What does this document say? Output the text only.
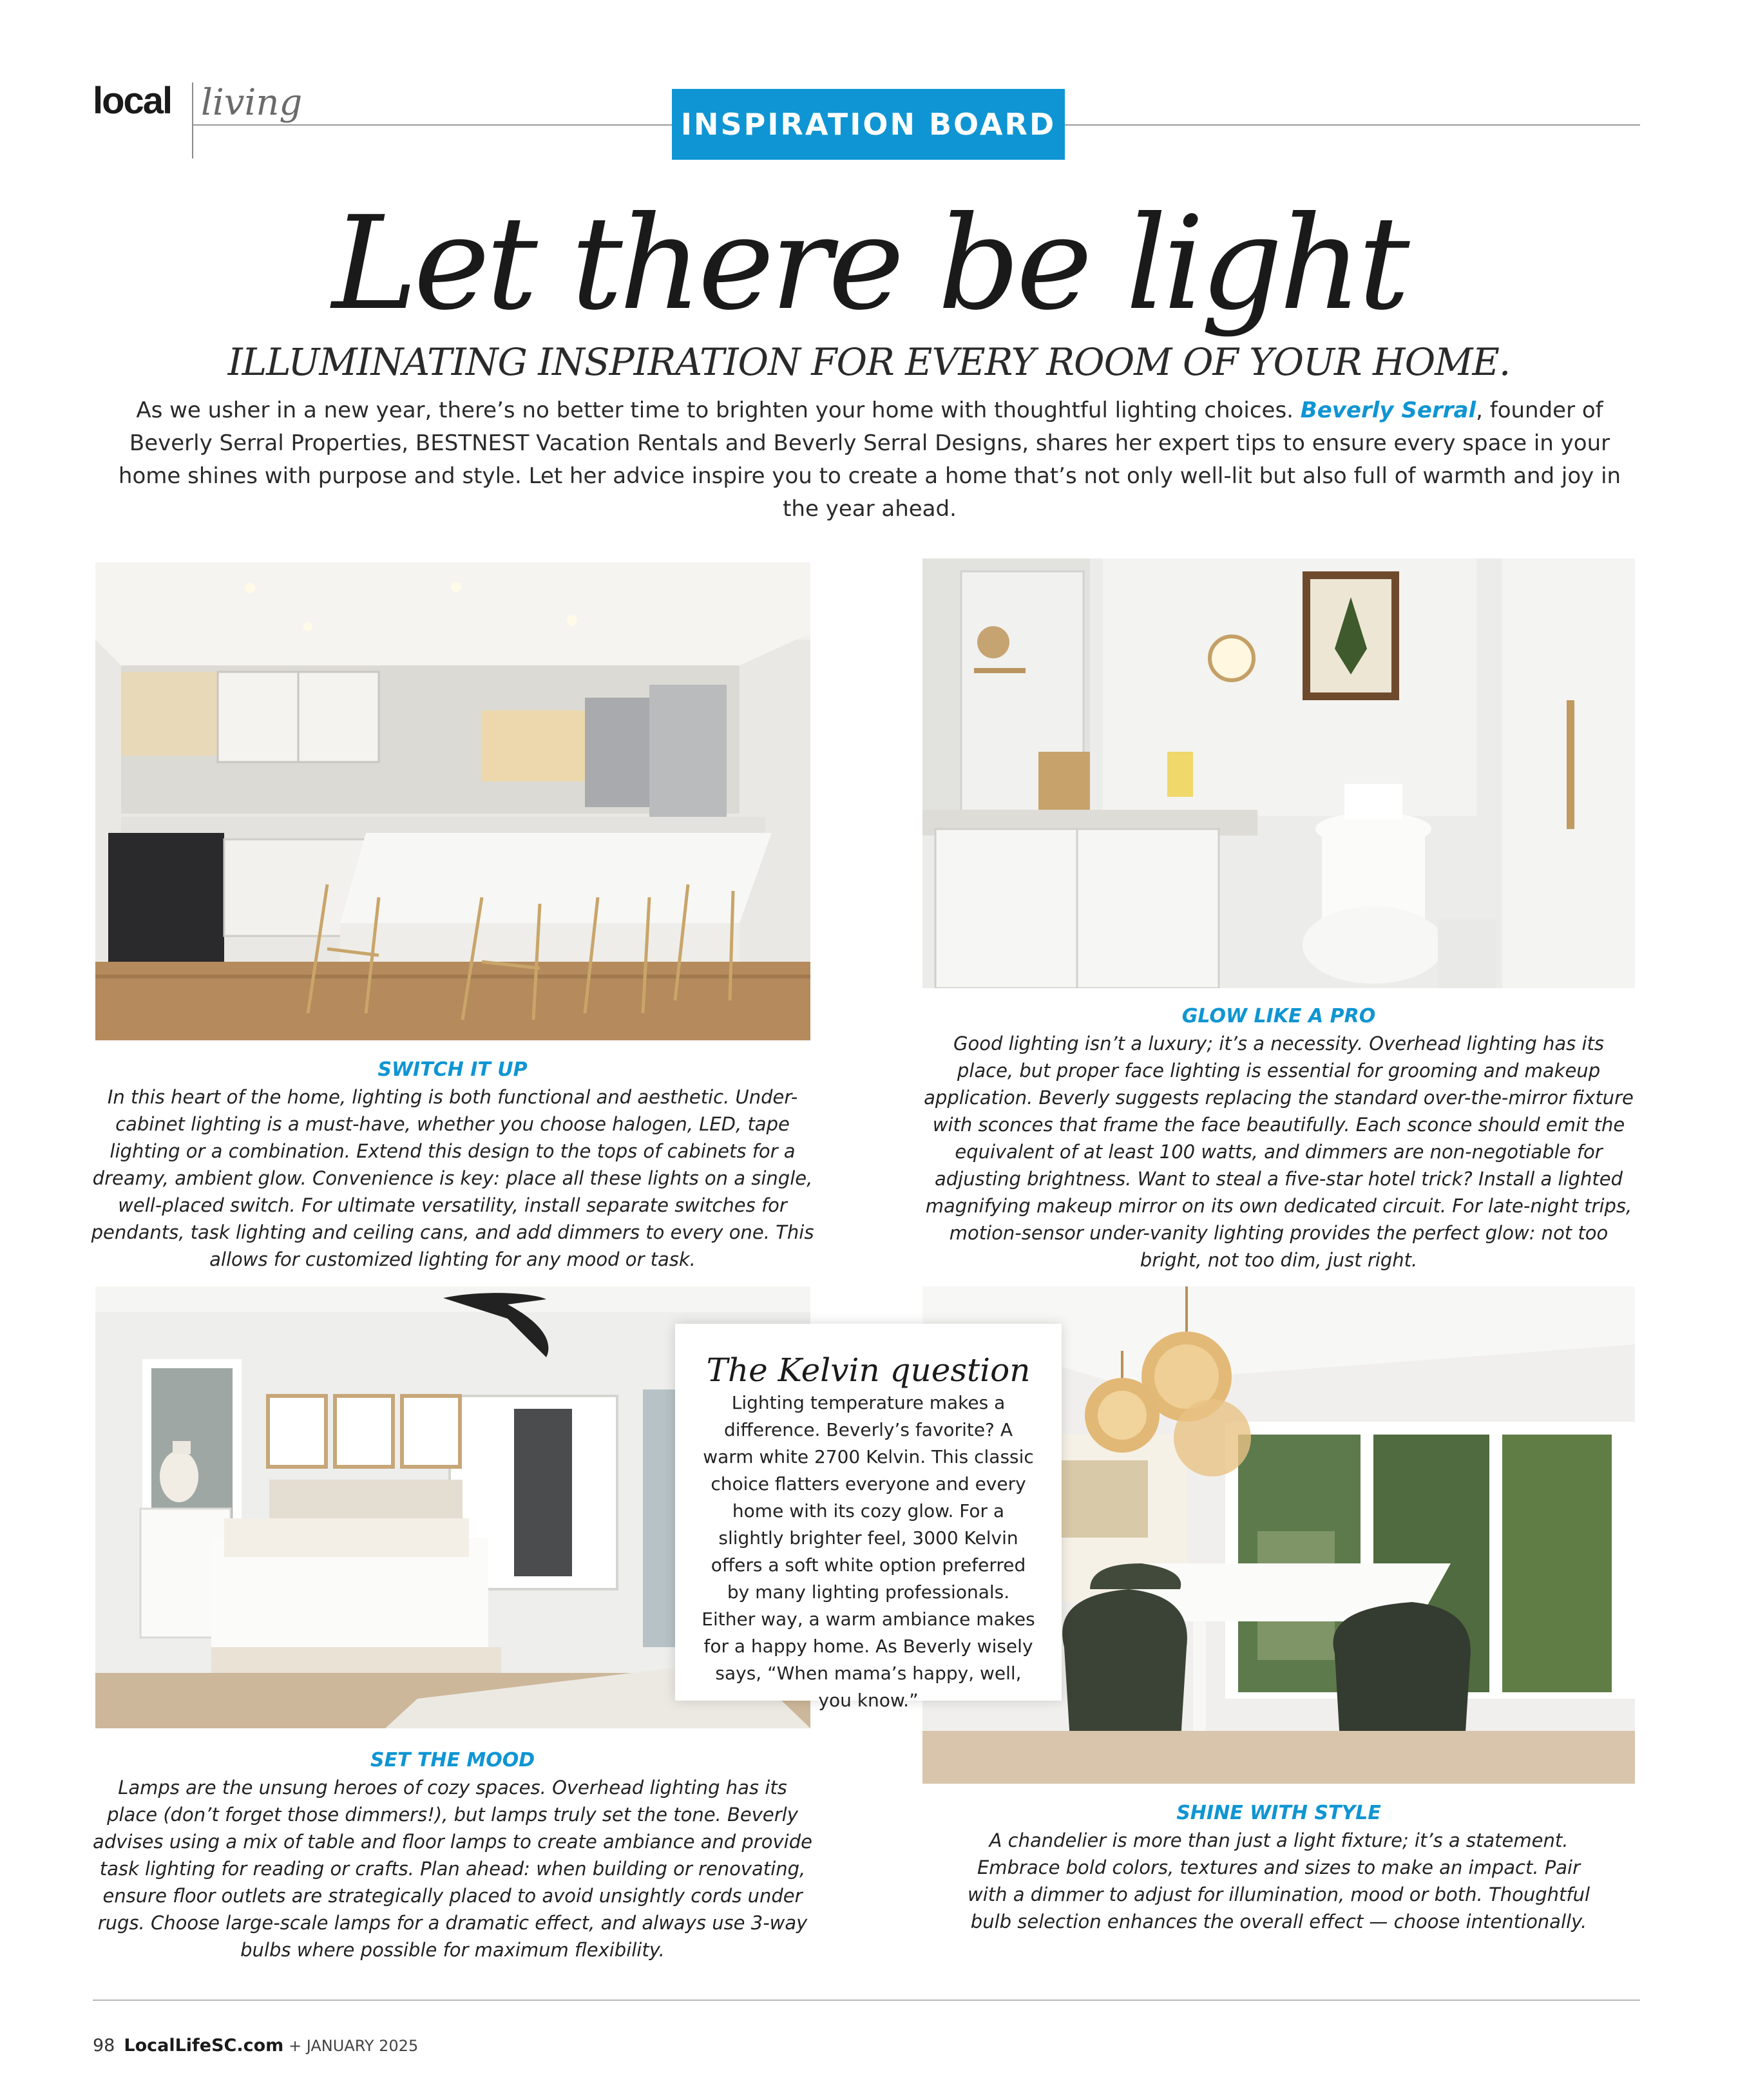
local living
INSPIRATION BOARD
Let there be light
ILLUMINATING INSPIRATION FOR EVERY ROOM OF YOUR HOME.
As we usher in a new year, there’s no better time to brighten your home with thoughtful lighting choices. Beverly Serral, founder of Beverly Serral Properties, BESTNEST Vacation Rentals and Beverly Serral Designs, shares her expert tips to ensure every space in your home shines with purpose and style. Let her advice inspire you to create a home that’s not only well-lit but also full of warmth and joy in the year ahead.
SWITCH IT UP
In this heart of the home, lighting is both functional and aesthetic. Under-cabinet lighting is a must-have, whether you choose halogen, LED, tape lighting or a combination. Extend this design to the tops of cabinets for a dreamy, ambient glow. Convenience is key: place all these lights on a single, well-placed switch. For ultimate versatility, install separate switches for pendants, task lighting and ceiling cans, and add dimmers to every one. This allows for customized lighting for any mood or task.
GLOW LIKE A PRO
Good lighting isn’t a luxury; it’s a necessity. Overhead lighting has its place, but proper face lighting is essential for grooming and makeup application. Beverly suggests replacing the standard over-the-mirror fixture with sconces that frame the face beautifully. Each sconce should emit the equivalent of at least 100 watts, and dimmers are non-negotiable for adjusting brightness. Want to steal a five-star hotel trick? Install a lighted magnifying makeup mirror on its own dedicated circuit. For late-night trips, motion-sensor under-vanity lighting provides the perfect glow: not too bright, not too dim, just right.
SET THE MOOD
Lamps are the unsung heroes of cozy spaces. Overhead lighting has its place (don’t forget those dimmers!), but lamps truly set the tone. Beverly advises using a mix of table and floor lamps to create ambiance and provide task lighting for reading or crafts. Plan ahead: when building or renovating, ensure floor outlets are strategically placed to avoid unsightly cords under rugs. Choose large-scale lamps for a dramatic effect, and always use 3-way bulbs where possible for maximum flexibility.
SHINE WITH STYLE
A chandelier is more than just a light fixture; it’s a statement. Embrace bold colors, textures and sizes to make an impact. Pair with a dimmer to adjust for illumination, mood or both. Thoughtful bulb selection enhances the overall effect — choose intentionally.
The Kelvin question
Lighting temperature makes a difference. Beverly’s favorite? A warm white 2700 Kelvin. This classic choice flatters everyone and every home with its cozy glow. For a slightly brighter feel, 3000 Kelvin offers a soft white option preferred by many lighting professionals. Either way, a warm ambiance makes for a happy home. As Beverly wisely says, “When mama’s happy, well, you know.”
98 LocalLifeSC.com + JANUARY 2025
